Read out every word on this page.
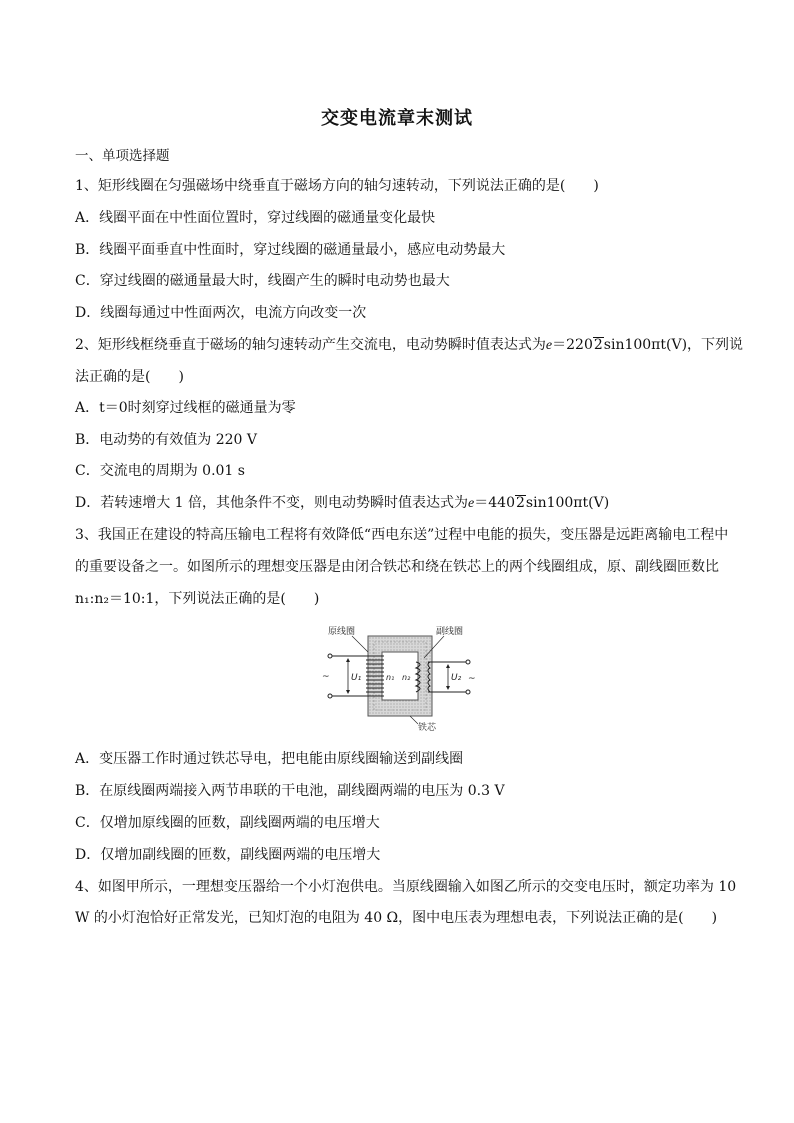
交变电流章末测试
一、单项选择题
1、矩形线圈在匀强磁场中绕垂直于磁场方向的轴匀速转动，下列说法正确的是(　　)
A．线圈平面在中性面位置时，穿过线圈的磁通量变化最快
B．线圈平面垂直中性面时，穿过线圈的磁通量最小，感应电动势最大
C．穿过线圈的磁通量最大时，线圈产生的瞬时电动势也最大
D．线圈每通过中性面两次，电流方向改变一次
2、矩形线框绕垂直于磁场的轴匀速转动产生交流电，电动势瞬时值表达式为e＝2202sin100πt(V)，下列说
法正确的是(　　)
A．t＝0时刻穿过线框的磁通量为零
B．电动势的有效值为 220 V
C．交流电的周期为 0.01 s
D．若转速增大 1 倍，其他条件不变，则电动势瞬时值表达式为e＝4402sin100πt(V)
3、我国正在建设的特高压输电工程将有效降低“西电东送”过程中电能的损失，变压器是远距离输电工程中
的重要设备之一。如图所示的理想变压器是由闭合铁芯和绕在铁芯上的两个线圈组成，原、副线圈匝数比
n₁:n₂＝10:1，下列说法正确的是(　　)
原线圈	副线圈
~	~
U₁	U₂
n₁ n₂
铁芯
A．变压器工作时通过铁芯导电，把电能由原线圈输送到副线圈
B．在原线圈两端接入两节串联的干电池，副线圈两端的电压为 0.3 V
C．仅增加原线圈的匝数，副线圈两端的电压增大
D．仅增加副线圈的匝数，副线圈两端的电压增大
4、如图甲所示，一理想变压器给一个小灯泡供电。当原线圈输入如图乙所示的交变电压时，额定功率为 10
W 的小灯泡恰好正常发光，已知灯泡的电阻为 40 Ω，图中电压表为理想电表，下列说法正确的是(　　)
